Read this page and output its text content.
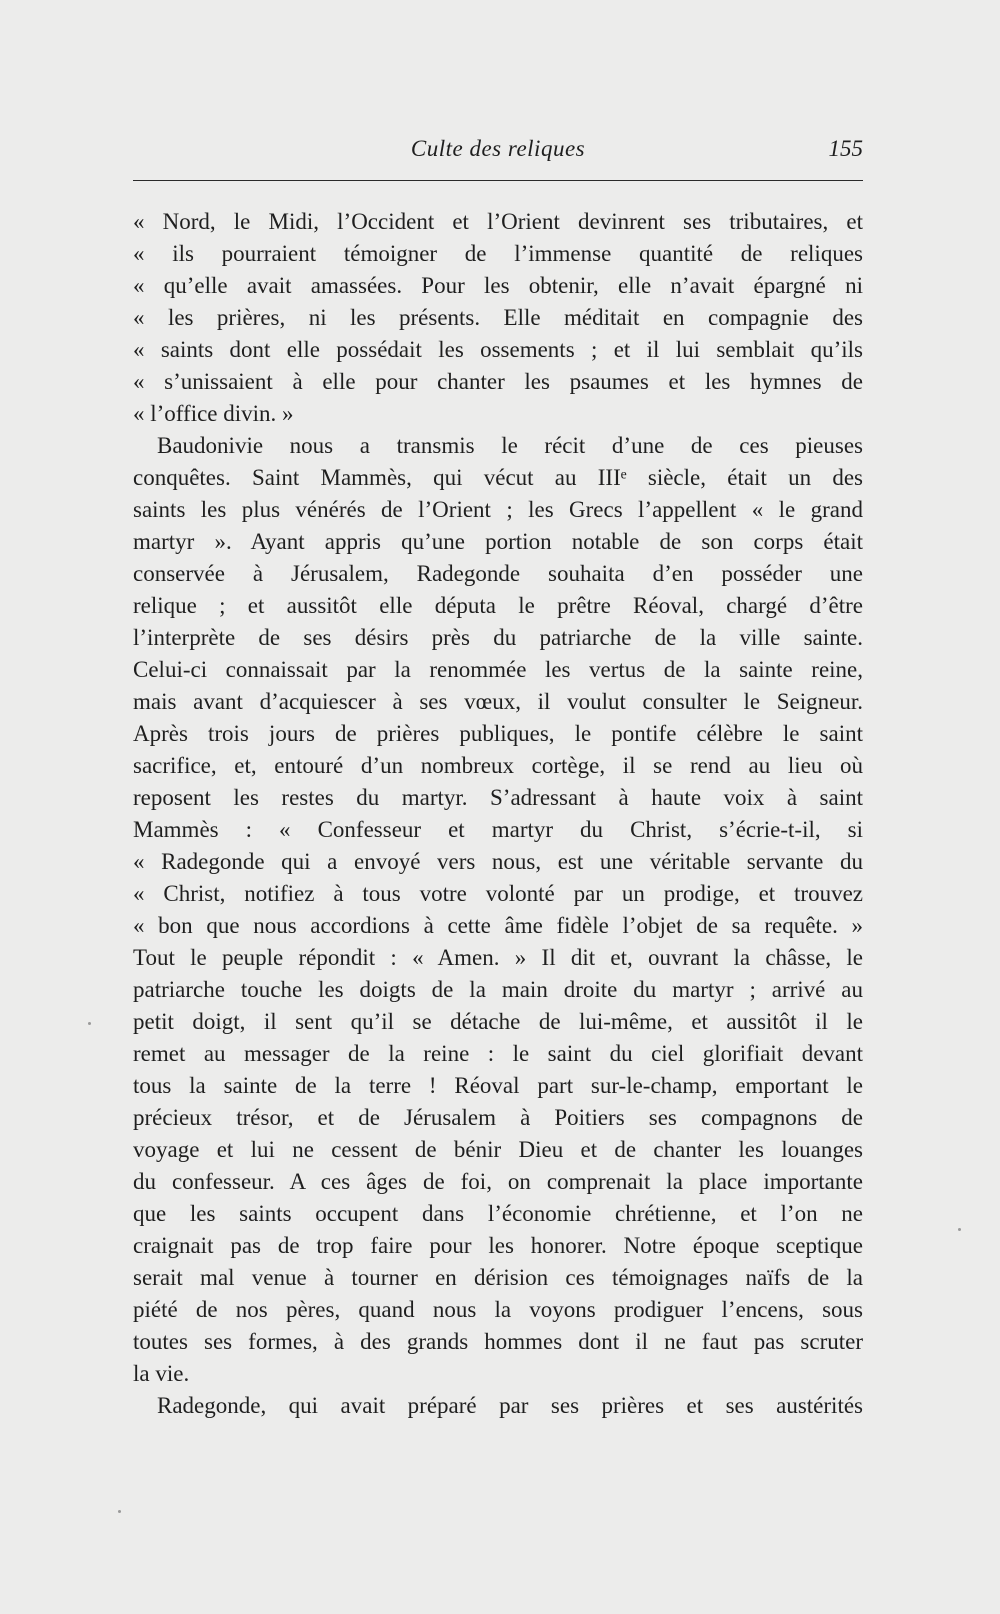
Culte des reliques	155
« Nord, le Midi, l’Occident et l’Orient devinrent ses tributaires, et
« ils pourraient témoigner de l’immense quantité de reliques
« qu’elle avait amassées. Pour les obtenir, elle n’avait épargné ni
« les prières, ni les présents. Elle méditait en compagnie des
« saints dont elle possédait les ossements ; et il lui semblait qu’ils
« s’unissaient à elle pour chanter les psaumes et les hymnes de
« l’office divin. »
Baudonivie nous a transmis le récit d’une de ces pieuses
conquêtes. Saint Mammès, qui vécut au IIIᵉ siècle, était un des
saints les plus vénérés de l’Orient ; les Grecs l’appellent « le grand
martyr ». Ayant appris qu’une portion notable de son corps était
conservée à Jérusalem, Radegonde souhaita d’en posséder une
relique ; et aussitôt elle députa le prêtre Réoval, chargé d’être
l’interprète de ses désirs près du patriarche de la ville sainte.
Celui-ci connaissait par la renommée les vertus de la sainte reine,
mais avant d’acquiescer à ses vœux, il voulut consulter le Seigneur.
Après trois jours de prières publiques, le pontife célèbre le saint
sacrifice, et, entouré d’un nombreux cortège, il se rend au lieu où
reposent les restes du martyr. S’adressant à haute voix à saint
Mammès : « Confesseur et martyr du Christ, s’écrie-t-il, si
« Radegonde qui a envoyé vers nous, est une véritable servante du
« Christ, notifiez à tous votre volonté par un prodige, et trouvez
« bon que nous accordions à cette âme fidèle l’objet de sa requête. »
Tout le peuple répondit : « Amen. » Il dit et, ouvrant la châsse, le
patriarche touche les doigts de la main droite du martyr ; arrivé au
petit doigt, il sent qu’il se détache de lui-même, et aussitôt il le
remet au messager de la reine : le saint du ciel glorifiait devant
tous la sainte de la terre ! Réoval part sur-le-champ, emportant le
précieux trésor, et de Jérusalem à Poitiers ses compagnons de
voyage et lui ne cessent de bénir Dieu et de chanter les louanges
du confesseur. A ces âges de foi, on comprenait la place importante
que les saints occupent dans l’économie chrétienne, et l’on ne
craignait pas de trop faire pour les honorer. Notre époque sceptique
serait mal venue à tourner en dérision ces témoignages naïfs de la
piété de nos pères, quand nous la voyons prodiguer l’encens, sous
toutes ses formes, à des grands hommes dont il ne faut pas scruter
la vie.
Radegonde, qui avait préparé par ses prières et ses austérités
